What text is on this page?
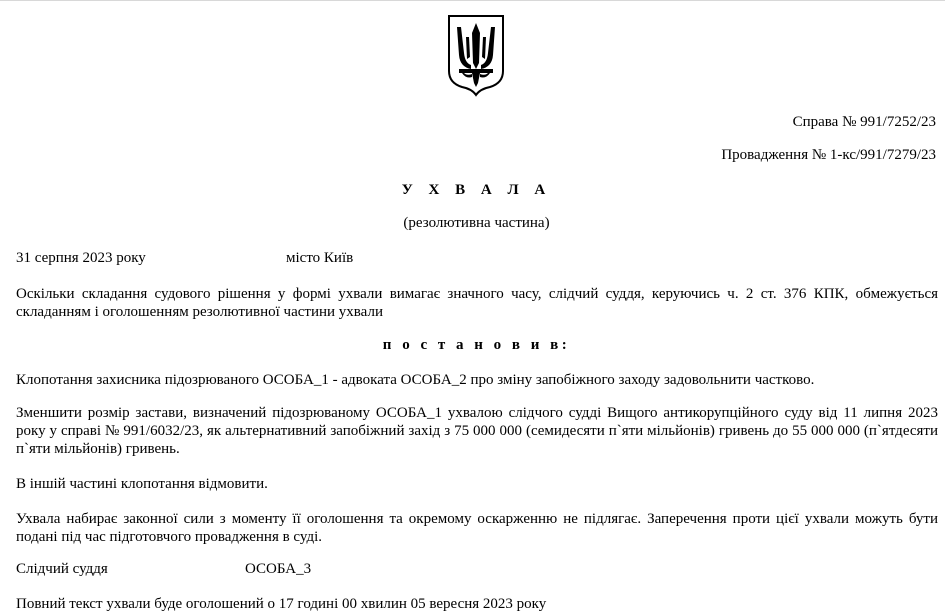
Справа № 991/7252/23
Провадження № 1-кс/991/7279/23
У Х В А Л А
(резолютивна частина)
31 серпня 2023 року	місто Київ
Оскільки складання судового рішення у формі ухвали вимагає значного часу, слідчий суддя, керуючись ч. 2 ст. 376 КПК, обмежується складанням і оголошенням резолютивної частини ухвали
п о с т а н о в и в:
Клопотання захисника підозрюваного ОСОБА_1 - адвоката ОСОБА_2 про зміну запобіжного заходу задовольнити частково.
Зменшити розмір застави, визначений підозрюваному ОСОБА_1 ухвалою слідчого судді Вищого антикорупційного суду від 11 липня 2023 року у справі № 991/6032/23, як альтернативний запобіжний захід з 75 000 000 (семидесяти п`яти мільйонів) гривень до 55 000 000 (п`ятдесяти п`яти мільйонів) гривень.
В іншій частині клопотання відмовити.
Ухвала набирає законної сили з моменту її оголошення та окремому оскарженню не підлягає. Заперечення проти цієї ухвали можуть бути подані під час підготовчого провадження в суді.
Слідчий суддя	ОСОБА_3
Повний текст ухвали буде оголошений о 17 годині 00 хвилин 05 вересня 2023 року
